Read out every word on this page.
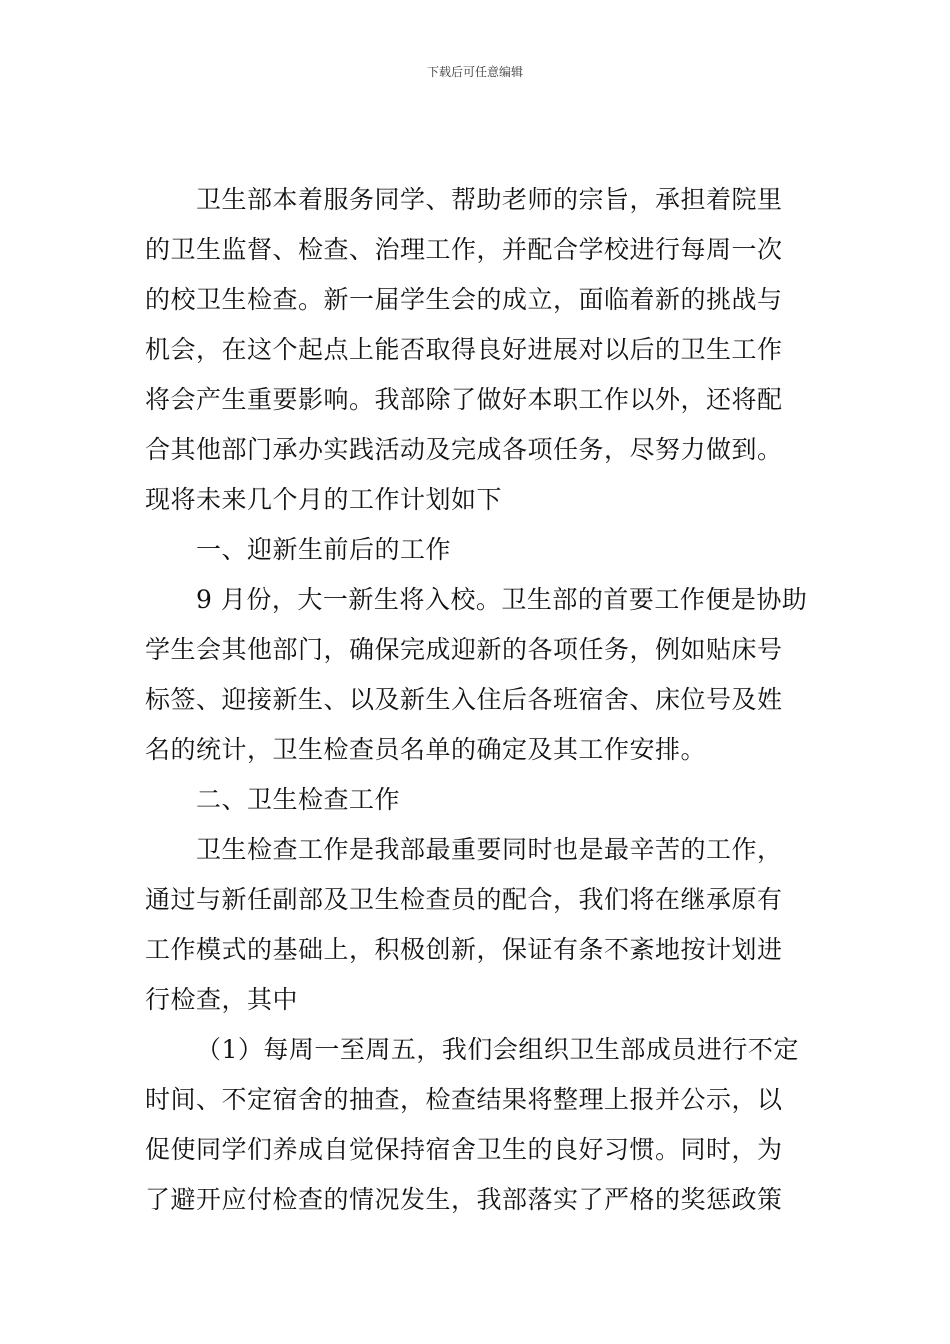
下载后可任意编辑
卫生部本着服务同学、帮助老师的宗旨，承担着院里
的卫生监督、检查、治理工作，并配合学校进行每周一次
的校卫生检查。新一届学生会的成立，面临着新的挑战与
机会，在这个起点上能否取得良好进展对以后的卫生工作
将会产生重要影响。我部除了做好本职工作以外，还将配
合其他部门承办实践活动及完成各项任务，尽努力做到。
现将未来几个月的工作计划如下
一、迎新生前后的工作
9 月份，大一新生将入校。卫生部的首要工作便是协助
学生会其他部门，确保完成迎新的各项任务，例如贴床号
标签、迎接新生、以及新生入住后各班宿舍、床位号及姓
名的统计，卫生检查员名单的确定及其工作安排。
二、卫生检查工作
卫生检查工作是我部最重要同时也是最辛苦的工作，
通过与新任副部及卫生检查员的配合，我们将在继承原有
工作模式的基础上，积极创新，保证有条不紊地按计划进
行检查，其中
（1）每周一至周五，我们会组织卫生部成员进行不定
时间、不定宿舍的抽查，检查结果将整理上报并公示，以
促使同学们养成自觉保持宿舍卫生的良好习惯。同时，为
了避开应付检查的情况发生，我部落实了严格的奖惩政策
